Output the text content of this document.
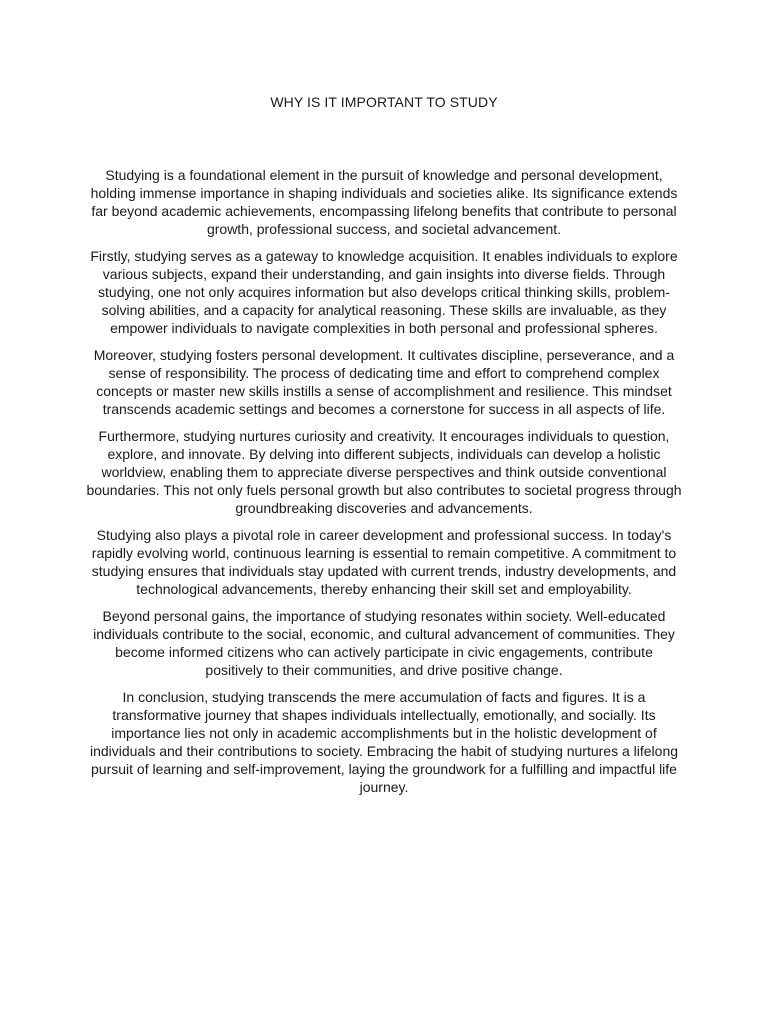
WHY IS IT IMPORTANT TO STUDY

Studying is a foundational element in the pursuit of knowledge and personal development, holding immense importance in shaping individuals and societies alike. Its significance extends far beyond academic achievements, encompassing lifelong benefits that contribute to personal growth, professional success, and societal advancement.

Firstly, studying serves as a gateway to knowledge acquisition. It enables individuals to explore various subjects, expand their understanding, and gain insights into diverse fields. Through studying, one not only acquires information but also develops critical thinking skills, problem-solving abilities, and a capacity for analytical reasoning. These skills are invaluable, as they empower individuals to navigate complexities in both personal and professional spheres.

Moreover, studying fosters personal development. It cultivates discipline, perseverance, and a sense of responsibility. The process of dedicating time and effort to comprehend complex concepts or master new skills instills a sense of accomplishment and resilience. This mindset transcends academic settings and becomes a cornerstone for success in all aspects of life.

Furthermore, studying nurtures curiosity and creativity. It encourages individuals to question, explore, and innovate. By delving into different subjects, individuals can develop a holistic worldview, enabling them to appreciate diverse perspectives and think outside conventional boundaries. This not only fuels personal growth but also contributes to societal progress through groundbreaking discoveries and advancements.

Studying also plays a pivotal role in career development and professional success. In today's rapidly evolving world, continuous learning is essential to remain competitive. A commitment to studying ensures that individuals stay updated with current trends, industry developments, and technological advancements, thereby enhancing their skill set and employability.

Beyond personal gains, the importance of studying resonates within society. Well-educated individuals contribute to the social, economic, and cultural advancement of communities. They become informed citizens who can actively participate in civic engagements, contribute positively to their communities, and drive positive change.

In conclusion, studying transcends the mere accumulation of facts and figures. It is a transformative journey that shapes individuals intellectually, emotionally, and socially. Its importance lies not only in academic accomplishments but in the holistic development of individuals and their contributions to society. Embracing the habit of studying nurtures a lifelong pursuit of learning and self-improvement, laying the groundwork for a fulfilling and impactful life journey.
